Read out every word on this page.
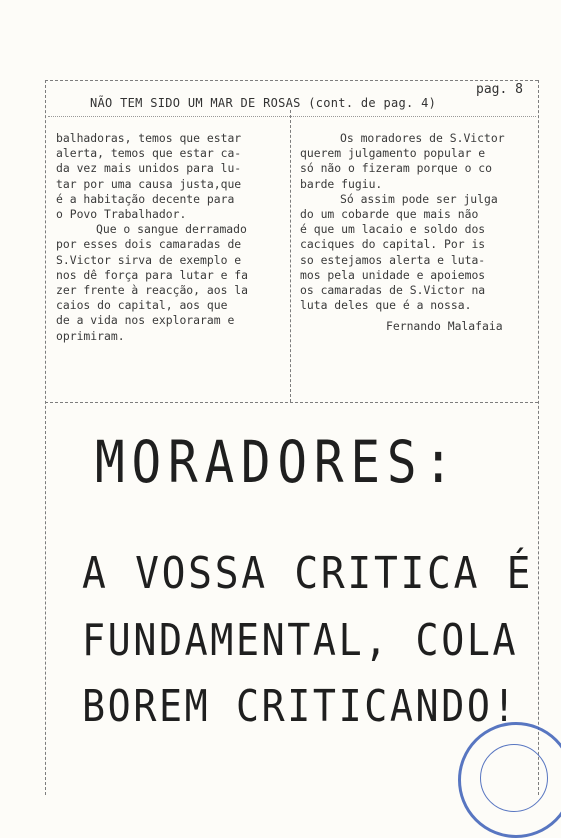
pag. 8
NÃO TEM SIDO UM MAR DE ROSAS (cont. de pag. 4)
balhadoras, temos que estar
alerta, temos que estar ca-
da vez mais unidos para lu-
tar por uma causa justa,que
é a habitação decente para
o Povo Trabalhador.
Que o sangue derramado
por esses dois camaradas de
S.Victor sirva de exemplo e
nos dê força para lutar e fa
zer frente à reacção, aos la
caios do capital, aos que
de a vida nos exploraram e
oprimiram.
Os moradores de S.Victor
querem julgamento popular e
só não o fizeram porque o co
barde fugiu.
Só assim pode ser julga
do um cobarde que mais não
é que um lacaio e soldo dos
caciques do capital. Por is
so estejamos alerta e luta-
mos pela unidade e apoiemos
os camaradas de S.Victor na
luta deles que é a nossa.
Fernando Malafaia
MORADORES:
A VOSSA CRITICA É
FUNDAMENTAL, COLA
BOREM CRITICANDO!
